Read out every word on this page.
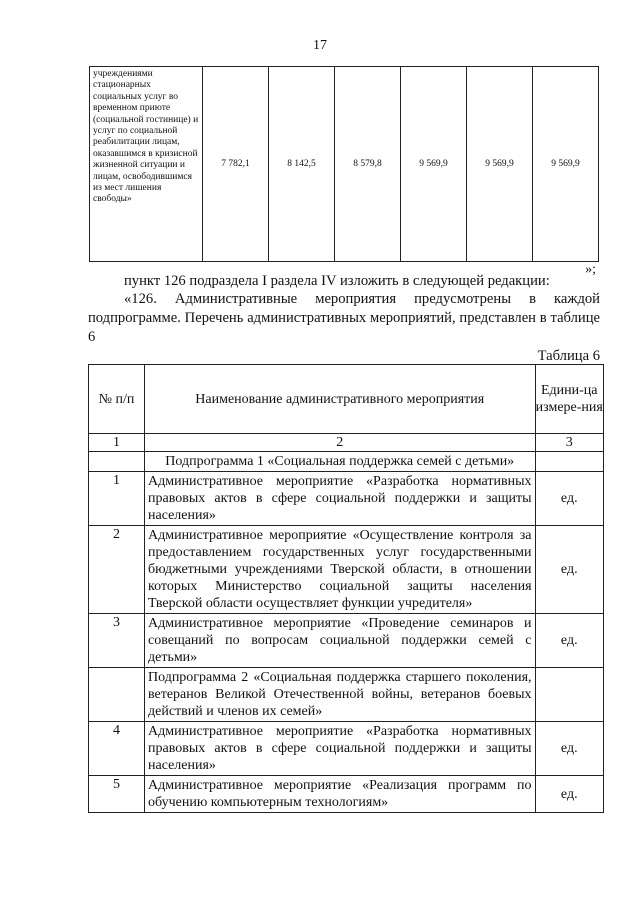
17
учреждениями стационарных социальных услуг во временном приюте (социальной гостинице) и услуг по социальной реабилитации лицам, оказавшимся в кризисной жизненной ситуации и лицам, освободившимся из мест лишения свободы»	7 782,1	8 142,5	8 579,8	9 569,9	9 569,9	9 569,9
»;
пункт 126 подраздела I раздела IV изложить в следующей редакции:
«126. Административные мероприятия предусмотрены в каждой подпрограмме. Перечень административных мероприятий, представлен в таблице 6
Таблица 6
№ п/п	Наименование административного мероприятия	Едини-ца измере-ния
1	2	3
	Подпрограмма 1 «Социальная поддержка семей с детьми»	
1	Административное мероприятие «Разработка нормативных правовых актов в сфере социальной поддержки и защиты населения»	ед.
2	Административное мероприятие «Осуществление контроля за предоставлением государственных услуг государственными бюджетными учреждениями Тверской области, в отношении которых Министерство социальной защиты населения Тверской области осуществляет функции учредителя»	ед.
3	Административное мероприятие «Проведение семинаров и совещаний по вопросам социальной поддержки семей с детьми»	ед.
	Подпрограмма 2 «Социальная поддержка старшего поколения, ветеранов Великой Отечественной войны, ветеранов боевых действий и членов их семей»	
4	Административное мероприятие «Разработка нормативных правовых актов в сфере социальной поддержки и защиты населения»	ед.
5	Административное мероприятие «Реализация программ по обучению компьютерным технологиям»	ед.
